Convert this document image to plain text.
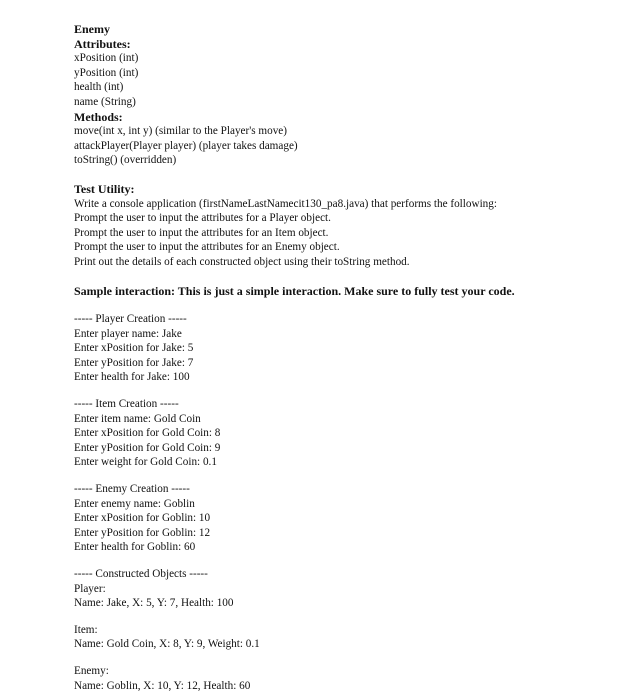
Enemy
Attributes:
xPosition (int)
yPosition (int)
health (int)
name (String)
Methods:
move(int x, int y) (similar to the Player's move)
attackPlayer(Player player) (player takes damage)
toString() (overridden)
Test Utility:
Write a console application (firstNameLastNamecit130_pa8.java) that performs the following:
Prompt the user to input the attributes for a Player object.
Prompt the user to input the attributes for an Item object.
Prompt the user to input the attributes for an Enemy object.
Print out the details of each constructed object using their toString method.
Sample interaction: This is just a simple interaction. Make sure to fully test your code.
----- Player Creation -----
Enter player name: Jake
Enter xPosition for Jake: 5
Enter yPosition for Jake: 7
Enter health for Jake: 100
----- Item Creation -----
Enter item name: Gold Coin
Enter xPosition for Gold Coin: 8
Enter yPosition for Gold Coin: 9
Enter weight for Gold Coin: 0.1
----- Enemy Creation -----
Enter enemy name: Goblin
Enter xPosition for Goblin: 10
Enter yPosition for Goblin: 12
Enter health for Goblin: 60
----- Constructed Objects -----
Player:
Name: Jake, X: 5, Y: 7, Health: 100
Item:
Name: Gold Coin, X: 8, Y: 9, Weight: 0.1
Enemy:
Name: Goblin, X: 10, Y: 12, Health: 60
